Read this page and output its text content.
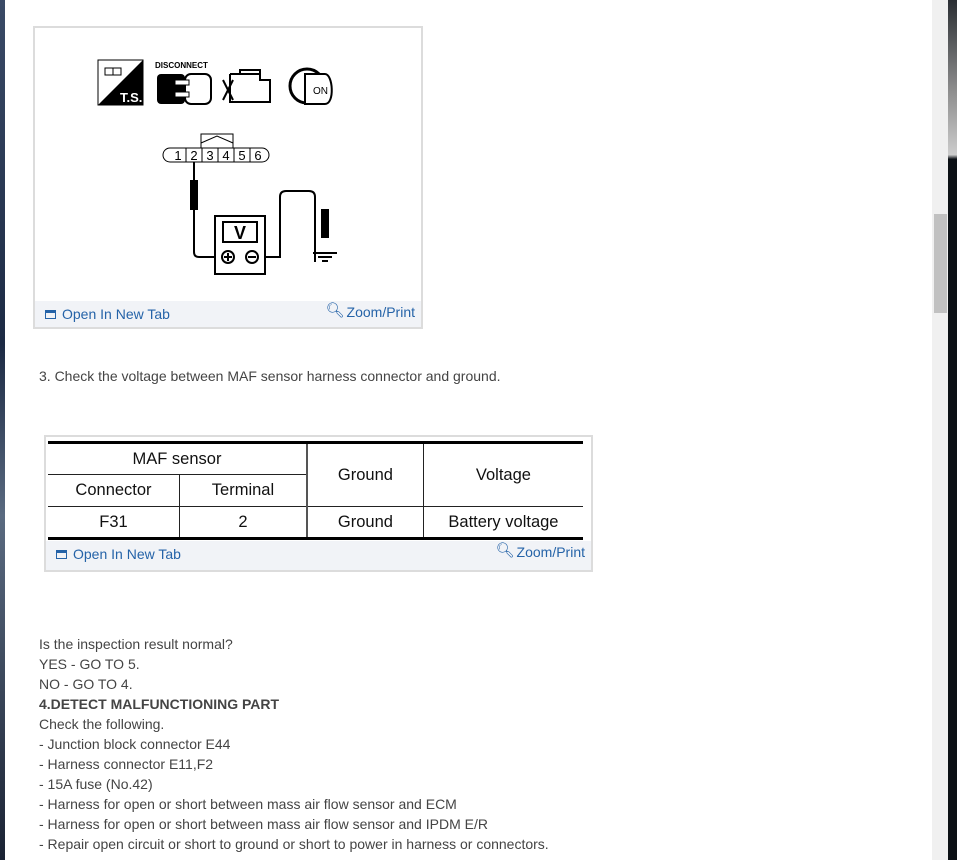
T.S.
DISCONNECT
ON
1 2 3 4 5 6
V
Open In New Tab	🔍︎ Zoom/Print
3. Check the voltage between MAF sensor harness connector and ground.
MAF sensor		Ground	Voltage
Connector	Terminal		
F31	2	Ground	Battery voltage
Open In New Tab	🔍︎ Zoom/Print
Is the inspection result normal?
YES - GO TO 5.
NO - GO TO 4.
4.DETECT MALFUNCTIONING PART
Check the following.
- Junction block connector E44
- Harness connector E11,F2
- 15A fuse (No.42)
- Harness for open or short between mass air flow sensor and ECM
- Harness for open or short between mass air flow sensor and IPDM E/R
- Repair open circuit or short to ground or short to power in harness or connectors.
